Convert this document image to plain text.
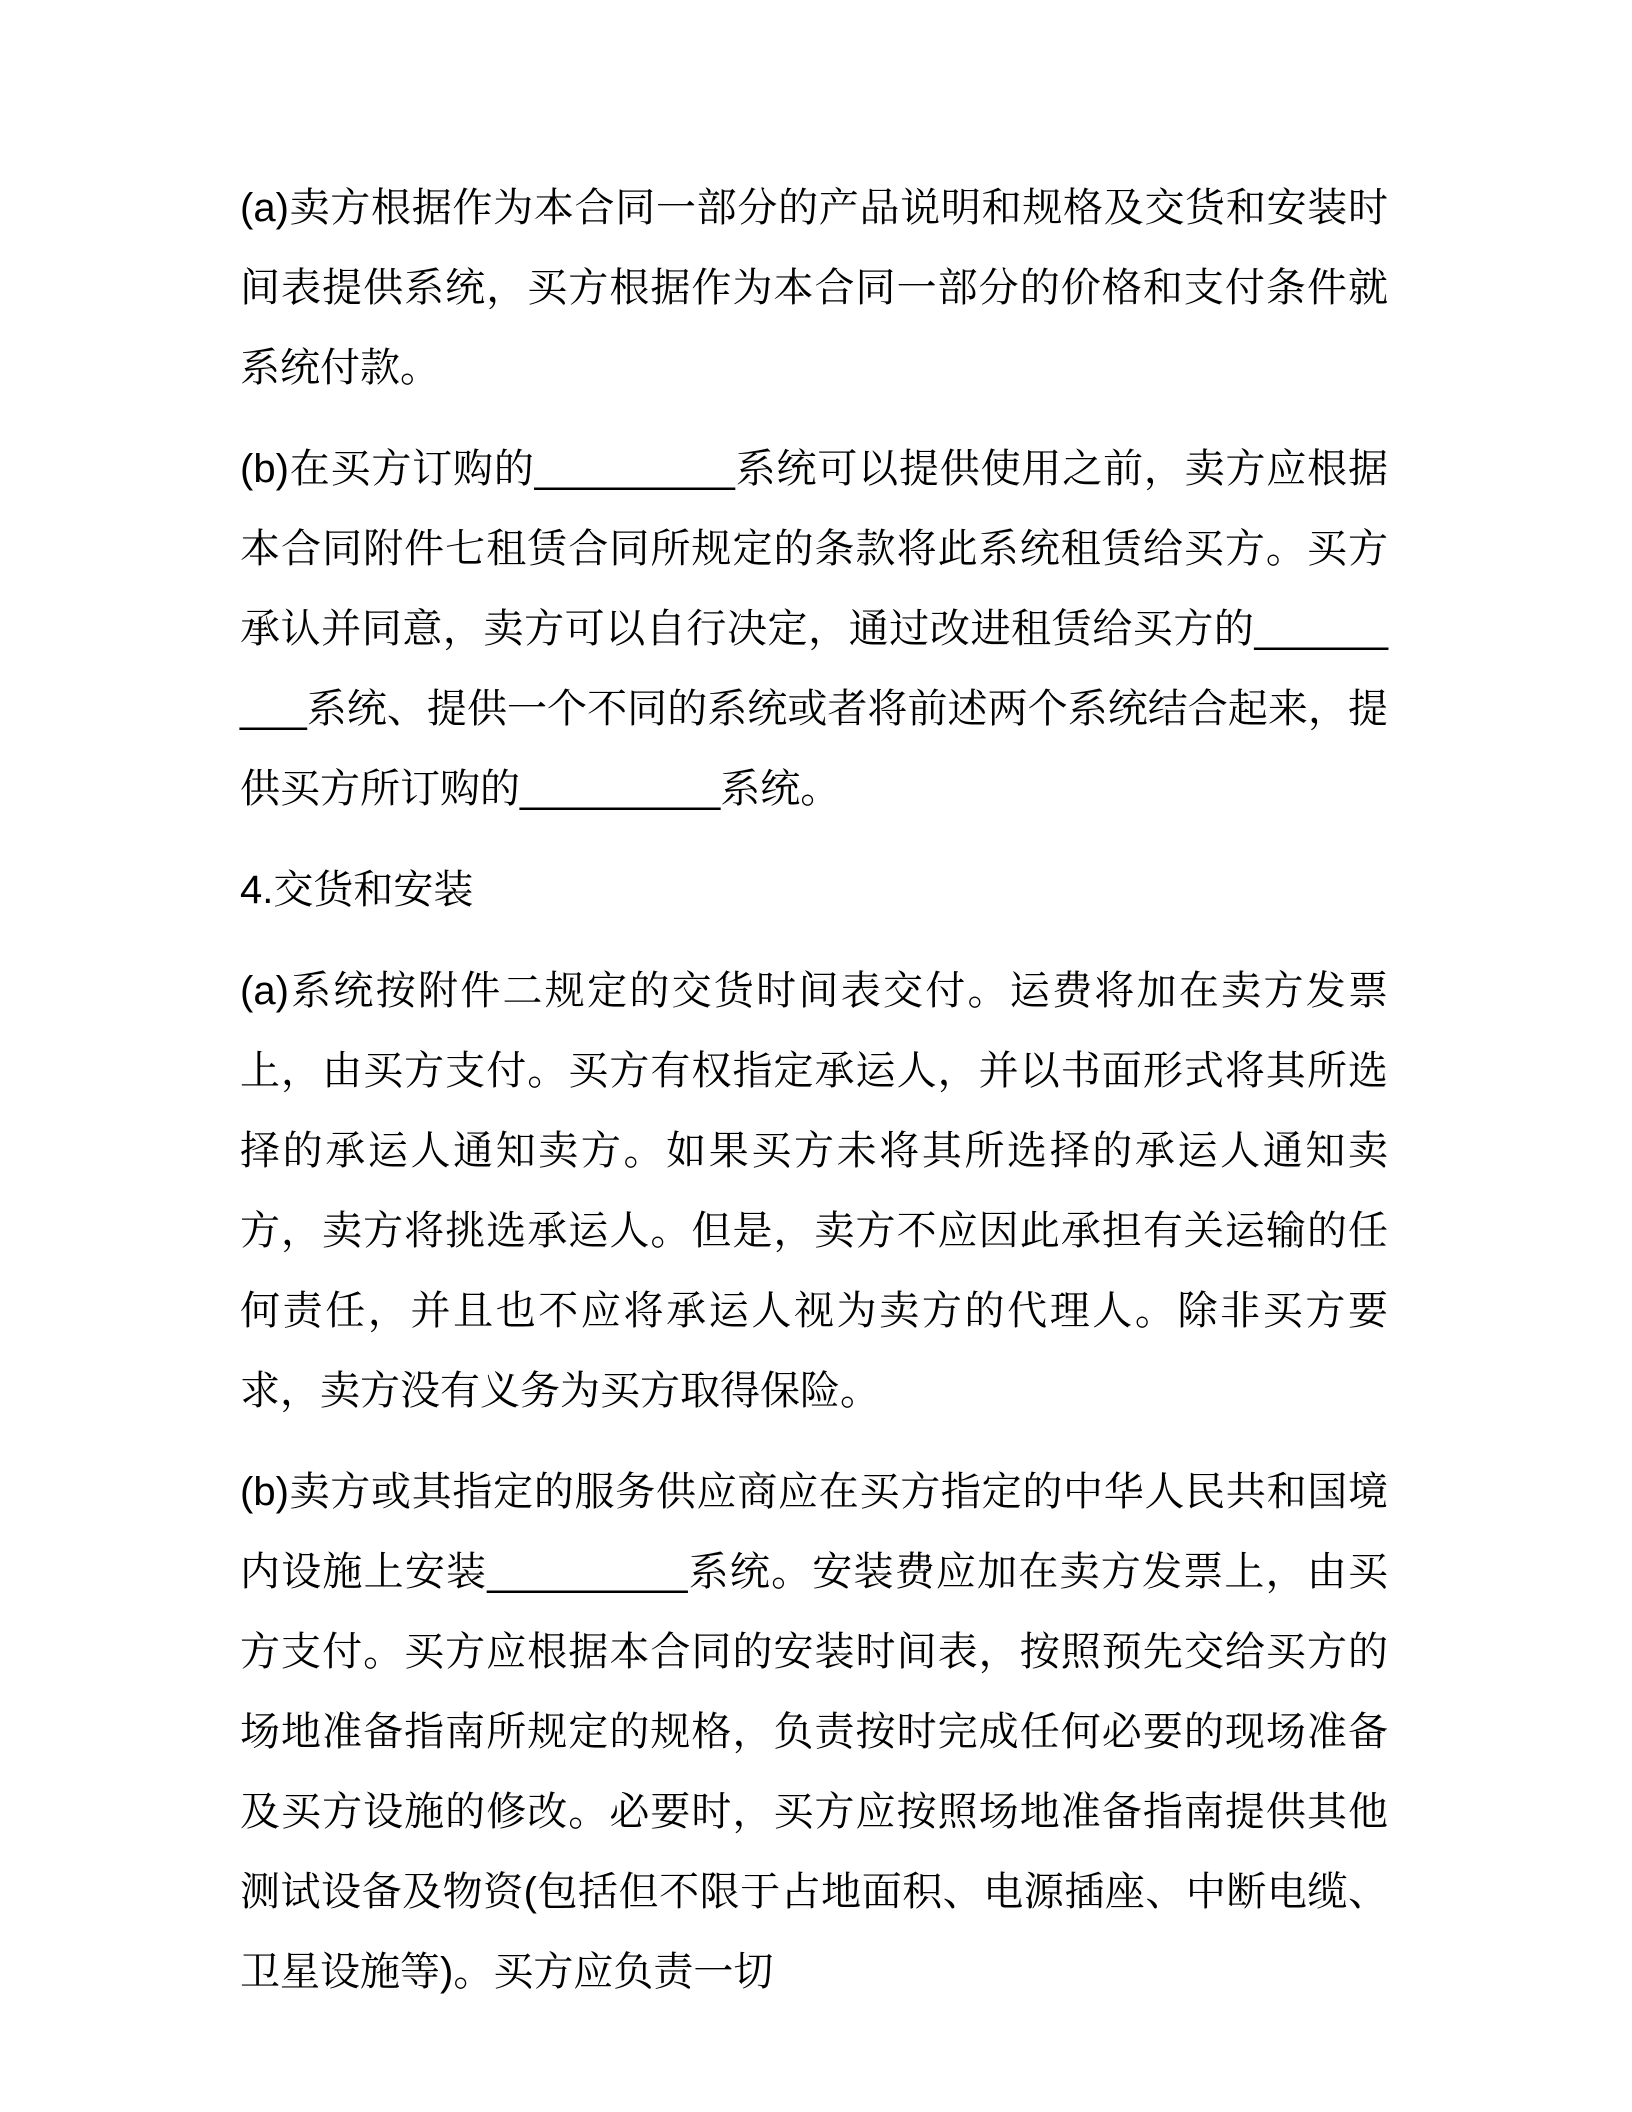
(a)卖方根据作为本合同一部分的产品说明和规格及交货和安装时间表提供系统，买方根据作为本合同一部分的价格和支付条件就系统付款。

(b)在买方订购的_________系统可以提供使用之前，卖方应根据本合同附件七租赁合同所规定的条款将此系统租赁给买方。买方承认并同意，卖方可以自行决定，通过改进租赁给买方的_________系统、提供一个不同的系统或者将前述两个系统结合起来，提供买方所订购的_________系统。

4.交货和安装

(a)系统按附件二规定的交货时间表交付。运费将加在卖方发票上，由买方支付。买方有权指定承运人，并以书面形式将其所选择的承运人通知卖方。如果买方未将其所选择的承运人通知卖方，卖方将挑选承运人。但是，卖方不应因此承担有关运输的任何责任，并且也不应将承运人视为卖方的代理人。除非买方要求，卖方没有义务为买方取得保险。

(b)卖方或其指定的服务供应商应在买方指定的中华人民共和国境内设施上安装_________系统。安装费应加在卖方发票上，由买方支付。买方应根据本合同的安装时间表，按照预先交给买方的场地准备指南所规定的规格，负责按时完成任何必要的现场准备及买方设施的修改。必要时，买方应按照场地准备指南提供其他测试设备及物资(包括但不限于占地面积、电源插座、中断电缆、卫星设施等)。买方应负责一切
